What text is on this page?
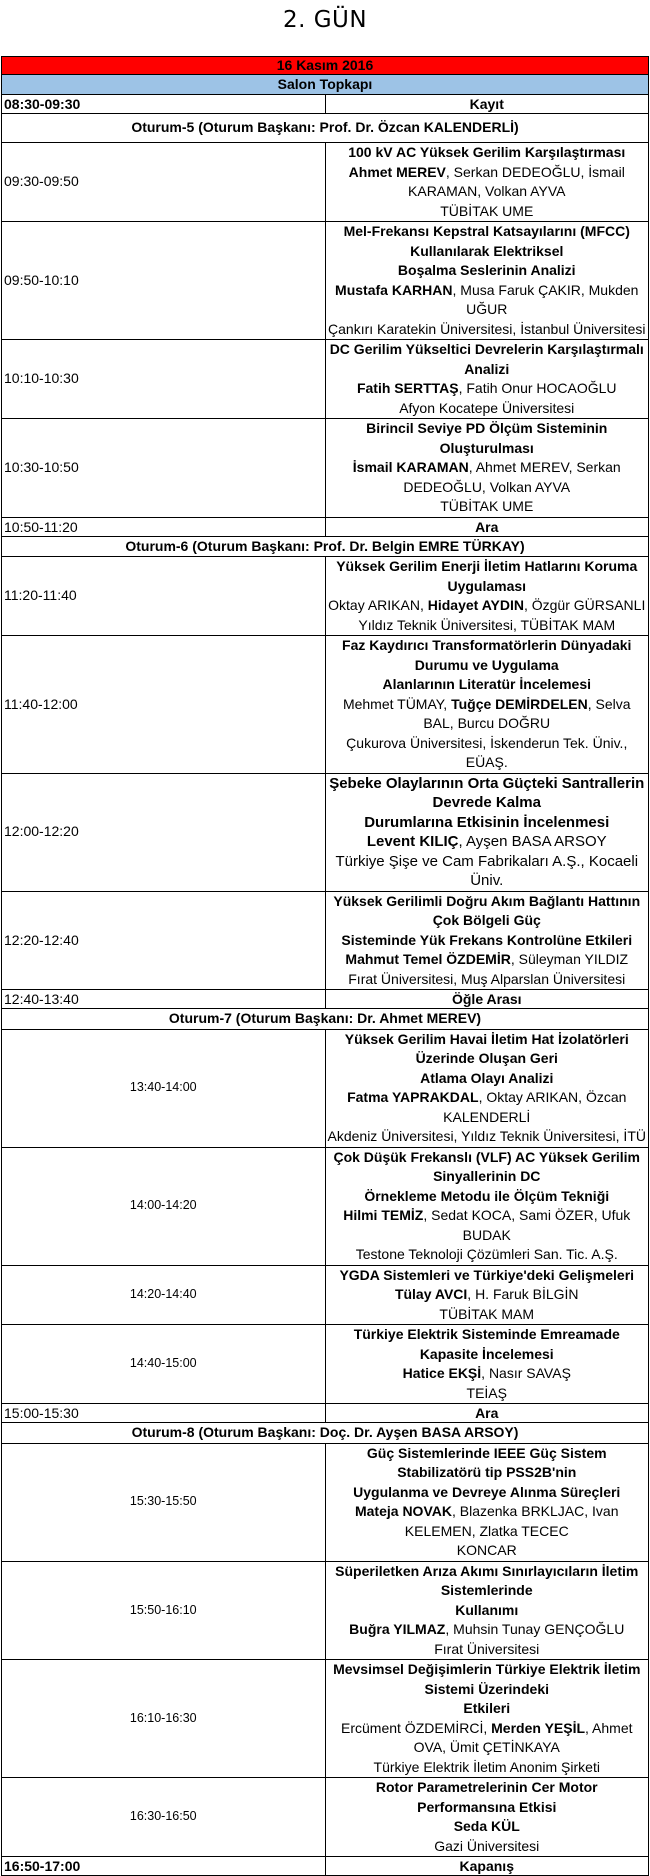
2. GÜN
16 Kasım 2016	
Salon Topkapı	
08:30-09:30	Kayıt
Oturum-5 (Oturum Başkanı: Prof. Dr. Özcan KALENDERLİ)	
09:30-09:50	100 kV AC Yüksek Gerilim Karşılaştırması
Ahmet MEREV, Serkan DEDEOĞLU, İsmail KARAMAN, Volkan AYVA
TÜBİTAK UME

09:50-10:10	Mel-Frekansı Kepstral Katsayılarını (MFCC) Kullanılarak Elektriksel
Boşalma Seslerinin Analizi
Mustafa KARHAN, Musa Faruk ÇAKIR, Mukden UĞUR
Çankırı Karatekin Üniversitesi, İstanbul Üniversitesi

10:10-10:30	DC Gerilim Yükseltici Devrelerin Karşılaştırmalı Analizi
Fatih SERTTAŞ, Fatih Onur HOCAOĞLU
Afyon Kocatepe Üniversitesi

10:30-10:50	Birincil Seviye PD Ölçüm Sisteminin Oluşturulması
İsmail KARAMAN, Ahmet MEREV, Serkan DEDEOĞLU, Volkan AYVA
TÜBİTAK UME

10:50-11:20	Ara
Oturum-6 (Oturum Başkanı: Prof. Dr. Belgin EMRE TÜRKAY)	
11:20-11:40	Yüksek Gerilim Enerji İletim Hatlarını Koruma Uygulaması
Oktay ARIKAN, Hidayet AYDIN, Özgür GÜRSANLI
Yıldız Teknik Üniversitesi, TÜBİTAK MAM

11:40-12:00	Faz Kaydırıcı Transformatörlerin Dünyadaki Durumu ve Uygulama
Alanlarının Literatür İncelemesi
Mehmet TÜMAY, Tuğçe DEMİRDELEN, Selva BAL, Burcu DOĞRU
Çukurova Üniversitesi, İskenderun Tek. Üniv., EÜAŞ.

12:00-12:20	Şebeke Olaylarının Orta Güçteki Santrallerin Devrede Kalma
Durumlarına Etkisinin İncelenmesi
Levent KILIÇ, Ayşen BASA ARSOY
Türkiye Şişe ve Cam Fabrikaları A.Ş., Kocaeli Üniv.

12:20-12:40	Yüksek Gerilimli Doğru Akım Bağlantı Hattının Çok Bölgeli Güç
Sisteminde Yük Frekans Kontrolüne Etkileri
Mahmut Temel ÖZDEMİR, Süleyman YILDIZ
Fırat Üniversitesi, Muş Alparslan Üniversitesi

12:40-13:40	Öğle Arası
Oturum-7 (Oturum Başkanı: Dr. Ahmet MEREV)	
13:40-14:00	Yüksek Gerilim Havai İletim Hat İzolatörleri Üzerinde Oluşan Geri
Atlama Olayı Analizi
Fatma YAPRAKDAL, Oktay ARIKAN, Özcan KALENDERLİ
Akdeniz Üniversitesi, Yıldız Teknik Üniversitesi, İTÜ

14:00-14:20	Çok Düşük Frekanslı (VLF) AC Yüksek Gerilim Sinyallerinin DC
Örnekleme Metodu ile Ölçüm Tekniği
Hilmi TEMİZ, Sedat KOCA, Sami ÖZER, Ufuk BUDAK
Testone Teknoloji Çözümleri San. Tic. A.Ş.

14:20-14:40	YGDA Sistemleri ve Türkiye'deki Gelişmeleri
Tülay AVCI, H. Faruk BİLGİN
TÜBİTAK MAM

14:40-15:00	Türkiye Elektrik Sisteminde Emreamade Kapasite İncelemesi
Hatice EKŞİ, Nasır SAVAŞ
TEİAŞ

15:00-15:30	Ara
Oturum-8 (Oturum Başkanı: Doç. Dr. Ayşen BASA ARSOY)	
15:30-15:50	Güç Sistemlerinde IEEE Güç Sistem Stabilizatörü tip PSS2B'nin
Uygulanma ve Devreye Alınma Süreçleri
Mateja NOVAK, Blazenka BRKLJAC, Ivan KELEMEN, Zlatka TECEC
KONCAR

15:50-16:10	Süperiletken Arıza Akımı Sınırlayıcıların İletim Sistemlerinde
Kullanımı
Buğra YILMAZ, Muhsin Tunay GENÇOĞLU
Fırat Üniversitesi

16:10-16:30	Mevsimsel Değişimlerin Türkiye Elektrik İletim Sistemi Üzerindeki
Etkileri
Ercüment ÖZDEMİRCİ, Merden YEŞİL, Ahmet OVA, Ümit ÇETİNKAYA
Türkiye Elektrik İletim Anonim Şirketi

16:30-16:50	Rotor Parametrelerinin Cer Motor Performansına Etkisi
Seda KÜL
Gazi Üniversitesi

16:50-17:00	Kapanış
